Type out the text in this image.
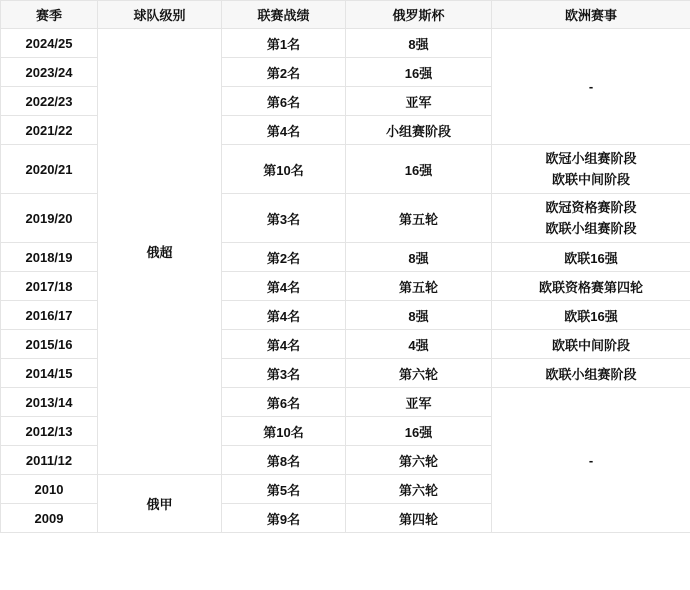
赛季	球队级别	联赛战绩	俄罗斯杯	欧洲赛事
2024/25	俄超	第1名	8强	-
2023/24		第2名	16强	
2022/23		第6名	亚军	
2021/22		第4名	小组赛阶段	
2020/21		第10名	16强	欧冠小组赛阶段
欧联中间阶段

2019/20		第3名	第五轮	欧冠资格赛阶段
欧联小组赛阶段

2018/19		第2名	8强	欧联16强
2017/18		第4名	第五轮	欧联资格赛第四轮
2016/17		第4名	8强	欧联16强
2015/16		第4名	4强	欧联中间阶段
2014/15		第3名	第六轮	欧联小组赛阶段
2013/14		第6名	亚军	-
2012/13		第10名	16强	
2011/12		第8名	第六轮	
2010	俄甲	第5名	第六轮	
2009		第9名	第四轮	
